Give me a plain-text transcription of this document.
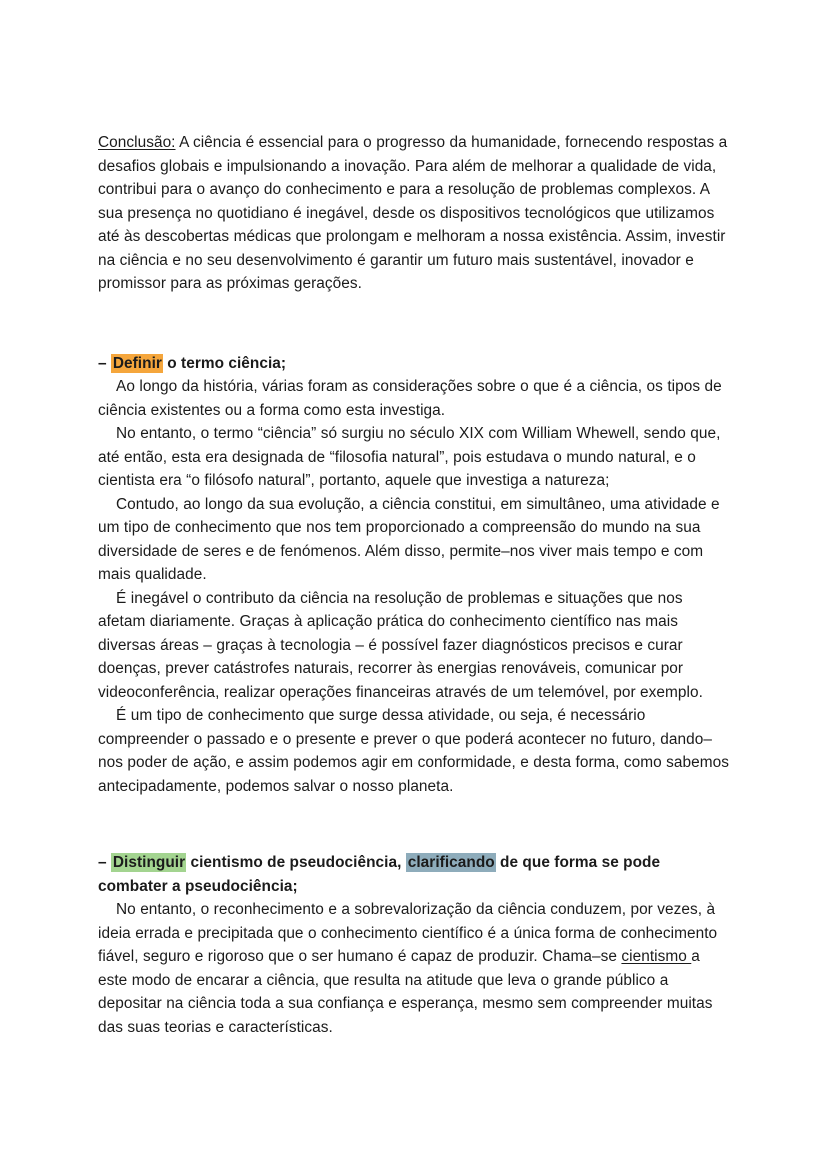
Conclusão: A ciência é essencial para o progresso da humanidade, fornecendo respostas a desafios globais e impulsionando a inovação. Para além de melhorar a qualidade de vida, contribui para o avanço do conhecimento e para a resolução de problemas complexos. A sua presença no quotidiano é inegável, desde os dispositivos tecnológicos que utilizamos até às descobertas médicas que prolongam e melhoram a nossa existência. Assim, investir na ciência e no seu desenvolvimento é garantir um futuro mais sustentável, inovador e promissor para as próximas gerações.

– Definir o termo ciência;

Ao longo da história, várias foram as considerações sobre o que é a ciência, os tipos de ciência existentes ou a forma como esta investiga.

No entanto, o termo “ciência” só surgiu no século XIX com William Whewell, sendo que, até então, esta era designada de “filosofia natural”, pois estudava o mundo natural, e o cientista era “o filósofo natural”, portanto, aquele que investiga a natureza;

Contudo, ao longo da sua evolução, a ciência constitui, em simultâneo, uma atividade e um tipo de conhecimento que nos tem proporcionado a compreensão do mundo na sua diversidade de seres e de fenómenos. Além disso, permite–nos viver mais tempo e com mais qualidade.

É inegável o contributo da ciência na resolução de problemas e situações que nos afetam diariamente. Graças à aplicação prática do conhecimento científico nas mais diversas áreas – graças à tecnologia – é possível fazer diagnósticos precisos e curar doenças, prever catástrofes naturais, recorrer às energias renováveis, comunicar por videoconferência, realizar operações financeiras através de um telemóvel, por exemplo.

É um tipo de conhecimento que surge dessa atividade, ou seja, é necessário compreender o passado e o presente e prever o que poderá acontecer no futuro, dando–nos poder de ação, e assim podemos agir em conformidade, e desta forma, como sabemos antecipadamente, podemos salvar o nosso planeta.

– Distinguir cientismo de pseudociência, clarificando de que forma se pode combater a pseudociência;

No entanto, o reconhecimento e a sobrevalorização da ciência conduzem, por vezes, à ideia errada e precipitada que o conhecimento científico é a única forma de conhecimento fiável, seguro e rigoroso que o ser humano é capaz de produzir. Chama–se cientismo a este modo de encarar a ciência, que resulta na atitude que leva o grande público a depositar na ciência toda a sua confiança e esperança, mesmo sem compreender muitas das suas teorias e características.
